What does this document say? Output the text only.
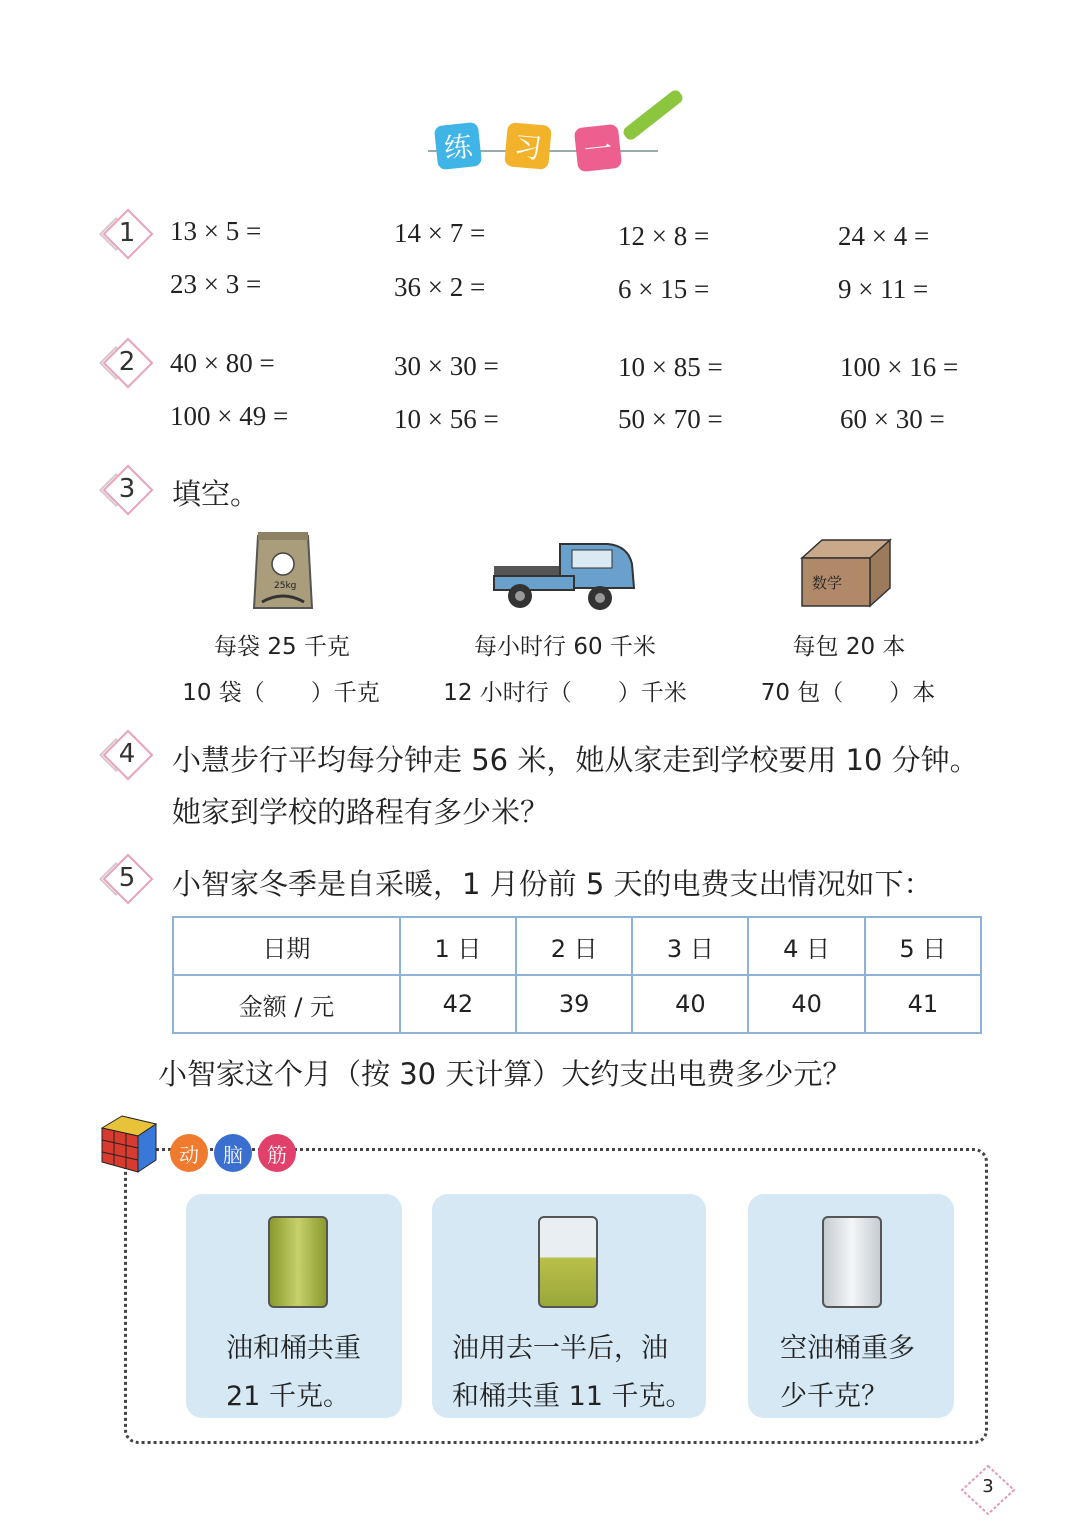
练 习	一
1	13 × 5 =	14 × 7 =	12 × 8 =	24 × 4 =
23 × 3 =	36 × 2 =	6 × 15 =	9 × 11 =
2	40 × 80 =	30 × 30 =	10 × 85 =	100 × 16 =
100 × 49 =	10 × 56 =	50 × 70 =	60 × 30 =
3	填空。
25kg	数学
每袋 25 千克
10 袋（　　）千克
每小时行 60 千米
12 小时行（　　）千米
每包 20 本
70 包（　　）本
4	小慧步行平均每分钟走 56 米，她从家走到学校要用 10 分钟。
她家到学校的路程有多少米？
5	小智家冬季是自采暖，1 月份前 5 天的电费支出情况如下：
日期	1 日	2 日	3 日	4 日	5 日
金额 / 元	42	39	40	40	41
小智家这个月（按 30 天计算）大约支出电费多少元？
动	脑	筋
油和桶共重
21 千克。
油用去一半后，油
和桶共重 11 千克。
空油桶重多
少千克？
3
